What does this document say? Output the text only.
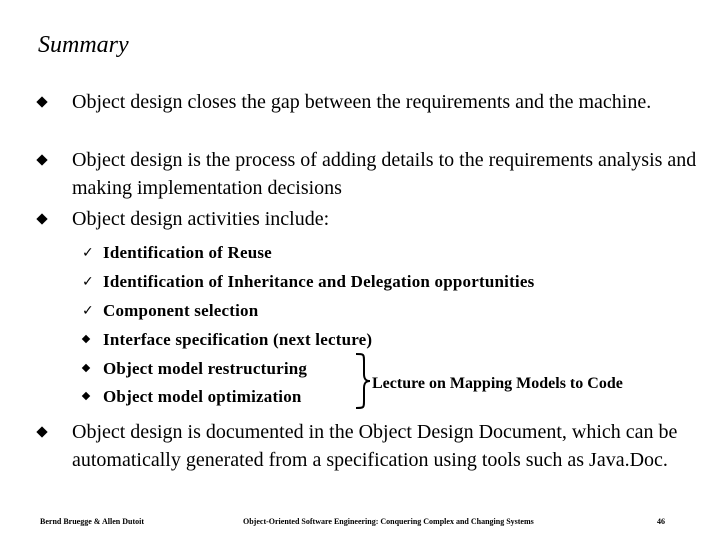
Summary
Object design closes the gap between the requirements and the machine.
Object design is the process of adding details to the requirements analysis and making implementation decisions
Object design activities include:
✓ Identification of Reuse
✓ Identification of Inheritance and Delegation opportunities
✓ Component selection
Interface specification (next lecture)
Object model restructuring
Object model optimization
Lecture on Mapping Models to Code
Object design is documented in the Object Design Document, which can be automatically generated from a specification using tools such as Java.Doc.
Bernd Bruegge & Allen Dutoit	Object-Oriented Software Engineering: Conquering Complex and Changing Systems	46
